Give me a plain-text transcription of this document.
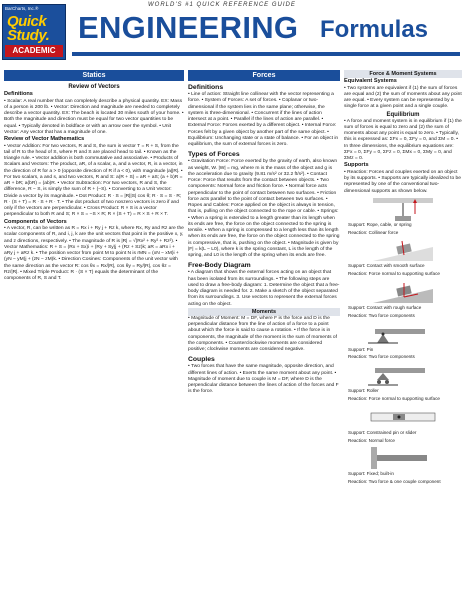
BarCharts, Inc.®
Quick
Study.
ACADEMIC
WORLD'S #1 QUICK REFERENCE GUIDE
ENGINEERING Formulas
Statics
Review of Vectors
Definitions
• Scalar: A real number that can completely describe a physical quantity. EX: Mass of a person is 200 lb. • Vector: Direction and magnitude are needed to completely describe a vector quantity. EX: The beach is located 30 miles south of your home. • Both the magnitude and direction must be equal for two vector quantities to be equal. • Typically denoted in boldface or with an arrow over the symbol. • Unit Vector: Any vector that has a magnitude of one.
Review of Vector Mathematics
• Vector Addition: For two vectors, R and S, the sum is vector T = R + S, from the tail of R to the head of S, where R and S are placed head to tail. • Known as the triangle rule. • Vector addition is both commutative and associative. • Products of Scalars and Vectors: The product, aR, of a scalar, a, and a vector, R, is a vector, in the direction of R for a > 0 (opposite direction of R if a < 0), with magnitude |a||R|. • For two scalars, a and s, and two vectors, R and S: a(R + S) = aR + aS; (a + b)R = aR + bR; a(bR) = (ab)R. • Vector Subtraction: For two vectors, R and S, the difference, R − S, is simply the sum of R + (−S). • Converting to a Unit Vector: Divide a vector by its magnitude. • Dot Product: R · S = |R||S| cos θ; R · S = S · R; R · (S + T) = R · S + R · T. • The dot product of two nonzero vectors is zero if and only if the vectors are perpendicular. • Cross Product: R × S is a vector perpendicular to both R and S; R × S = −S × R; R × (S + T) = R × S + R × T.
Components of Vectors
• A vector, R, can be written as R = Rx i + Ry j + Rz k, where Rx, Ry and Rz are the scalar components of R, and i, j, k are the unit vectors that point in the positive x, y, and z directions, respectively. • The magnitude of R is |R| = √(Rx² + Ry² + Rz²). • Vector Mathematics: R + S = (Rx + Sx)i + (Ry + Sy)j + (Rz + Sz)k; aR = aRx i + aRy j + aRz k. • The position vector from point M to point N is rMN = (xN − xM)i + (yN − yM)j + (zN − zM)k. • Direction Cosines: Components of the unit vector with the same direction as the vector R: cos θx = Rx/|R|, cos θy = Ry/|R|, cos θz = Rz/|R|. • Mixed Triple Product: R · (S × T) equals the determinant of the components of R, S and T.
Forces
Definitions
• Line of action: Straight line collinear with the vector representing a force. • System of Forces: A set of forces. • Coplanar or two-dimensional if the system lies in the same plane; otherwise, the system is three-dimensional. • Concurrent if the lines of action intersect at a point. • Parallel if the lines of action are parallel. • External Force: Forces exerted by a different object. • Internal Force: Forces felt by a given object by another part of the same object. • Equilibrium: Unchanging state or a state of balance. • For an object in equilibrium, the sum of external forces is zero.
Types of Forces
• Gravitation Force: Force exerted by the gravity of earth, also known as weight, W. |W| = mg, where m is the mass of the object and g is the acceleration due to gravity (9.81 m/s² or 32.2 ft/s²). • Contact Force: Force that results from the contact between objects. • Two components: Normal force and friction force. • Normal force acts perpendicular to the point of contact between two surfaces. • Friction force acts parallel to the point of contact between two surfaces. • Ropes and Cables: Force applied on the object is always in tension, that is, pulling on the object connected to the rope or cable. • Springs: • When a spring is extended to a length greater than its length when its ends are free, the force on the object connected to the spring is tensile. • When a spring is compressed to a length less than its length when its ends are free, the force on the object connected to the spring is compressive, that is, pushing on the object. • Magnitude is given by |F| = k(L − L0), where k is the spring constant, L is the length of the spring, and L0 is the length of the spring when its ends are free.
Free-Body Diagram
• A diagram that shows the external forces acting on an object that has been isolated from its surroundings. • The following steps are used to draw a free-body diagram: 1. Determine the object that a free-body diagram is needed for. 2. Make a sketch of the object separated from its surroundings. 3. Use vectors to represent the external forces acting on the object.
Moments
• Magnitude of Moment: M = DF, where F is the force and D is the perpendicular distance from the line of action of a force to a point about which the force is said to cause a rotation. • If the force is in components, the magnitude of the moment is the sum of moments of the components. • Counterclockwise moments are considered positive; clockwise moments are considered negative.
Couples
• Two forces that have the same magnitude, opposite direction, and different lines of action. • Exerts the same moment about any point. • Magnitude of moment due to couple is M = DF, where D is the perpendicular distance between the lines of action of the forces and F is the force.
Force & Moment Systems
Equivalent Systems
• Two systems are equivalent if (1) the sum of forces are equal and (2) the sum of moments about any point are equal. • Every system can be represented by a single force at a given point and a single couple.
Equilibrium
• A force and moment system is in equilibrium if (1) the sum of forces is equal to zero and (2) the sum of moments about any point is equal to zero. • Typically, this is expressed as: ΣFx = 0, ΣFy = 0, and ΣM = 0. • In three dimensions, the equilibrium equations are: ΣFx = 0, ΣFy = 0, ΣFz = 0, ΣMx = 0, ΣMy = 0, and ΣMz = 0.
Supports
• Reaction: Forces and couples exerted on an object by its supports. • Supports are typically idealized to be represented by one of the conventional two-dimensional supports as shown below.
Support: Rope, cable, or spring
Reaction: Collinear force
Support: Contact with smooth surface
Reaction: Force normal to supporting surface
Support: Contact with rough surface
Reaction: Two force components
Support: Pin
Reaction: Two force components
Support: Roller
Reaction: Force normal to supporting surface
Support: Constrained pin or slider
Reaction: Normal force
Support: Fixed; built-in
Reaction: Two force & one couple component
